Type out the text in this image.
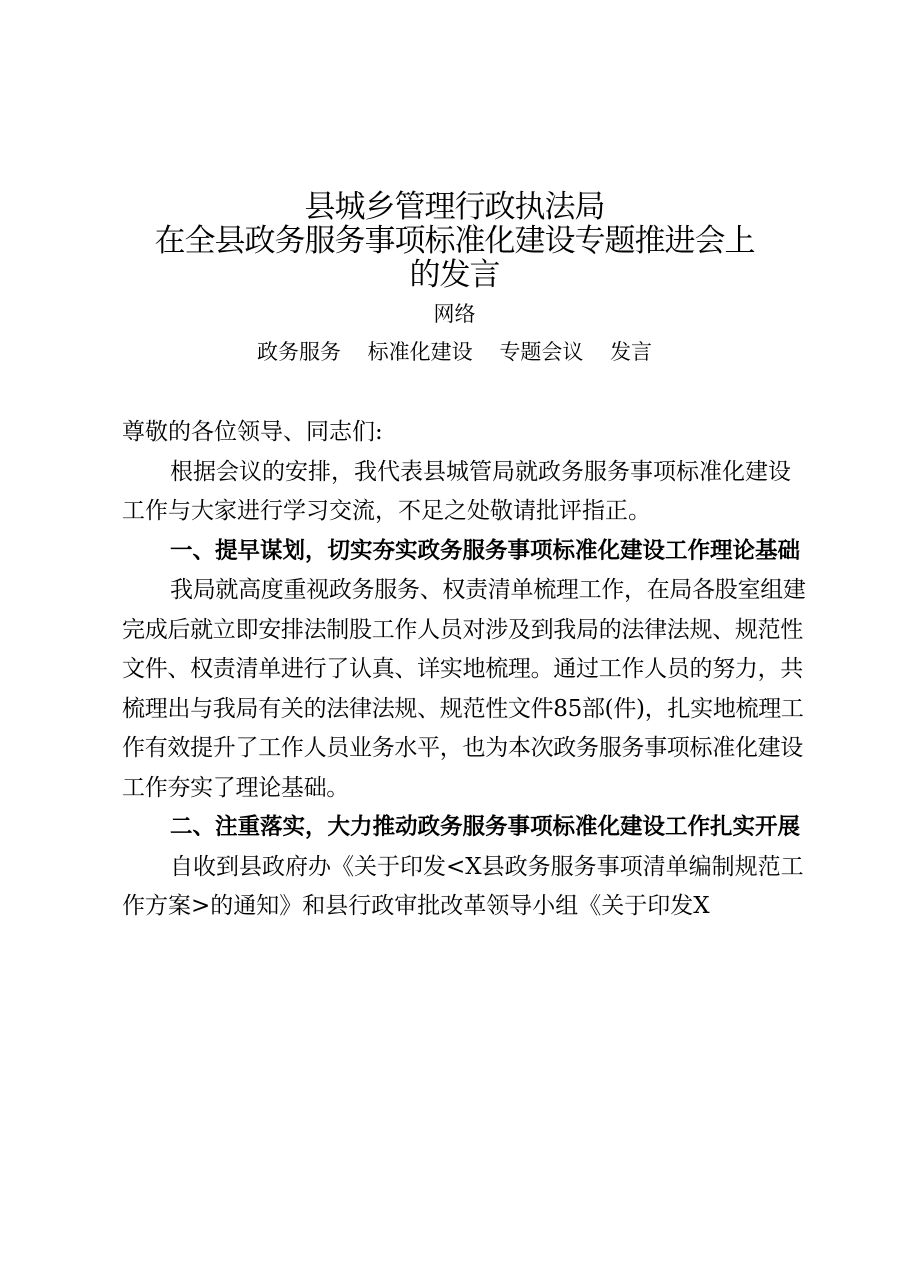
县城乡管理行政执法局
在全县政务服务事项标准化建设专题推进会上
的发言
网络
政务服务 标准化建设 专题会议 发言

尊敬的各位领导、同志们:

根据会议的安排，我代表县城管局就政务服务事项标准化建设工作与大家进行学习交流，不足之处敬请批评指正。

一、提早谋划，切实夯实政务服务事项标准化建设工作理论基础

我局就高度重视政务服务、权责清单梳理工作，在局各股室组建完成后就立即安排法制股工作人员对涉及到我局的法律法规、规范性文件、权责清单进行了认真、详实地梳理。通过工作人员的努力，共梳理出与我局有关的法律法规、规范性文件85部(件)，扎实地梳理工作有效提升了工作人员业务水平，也为本次政务服务事项标准化建设工作夯实了理论基础。

二、注重落实，大力推动政务服务事项标准化建设工作扎实开展

自收到县政府办《关于印发<X县政务服务事项清单编制规范工作方案>的通知》和县行政审批改革领导小组《关于印发X
